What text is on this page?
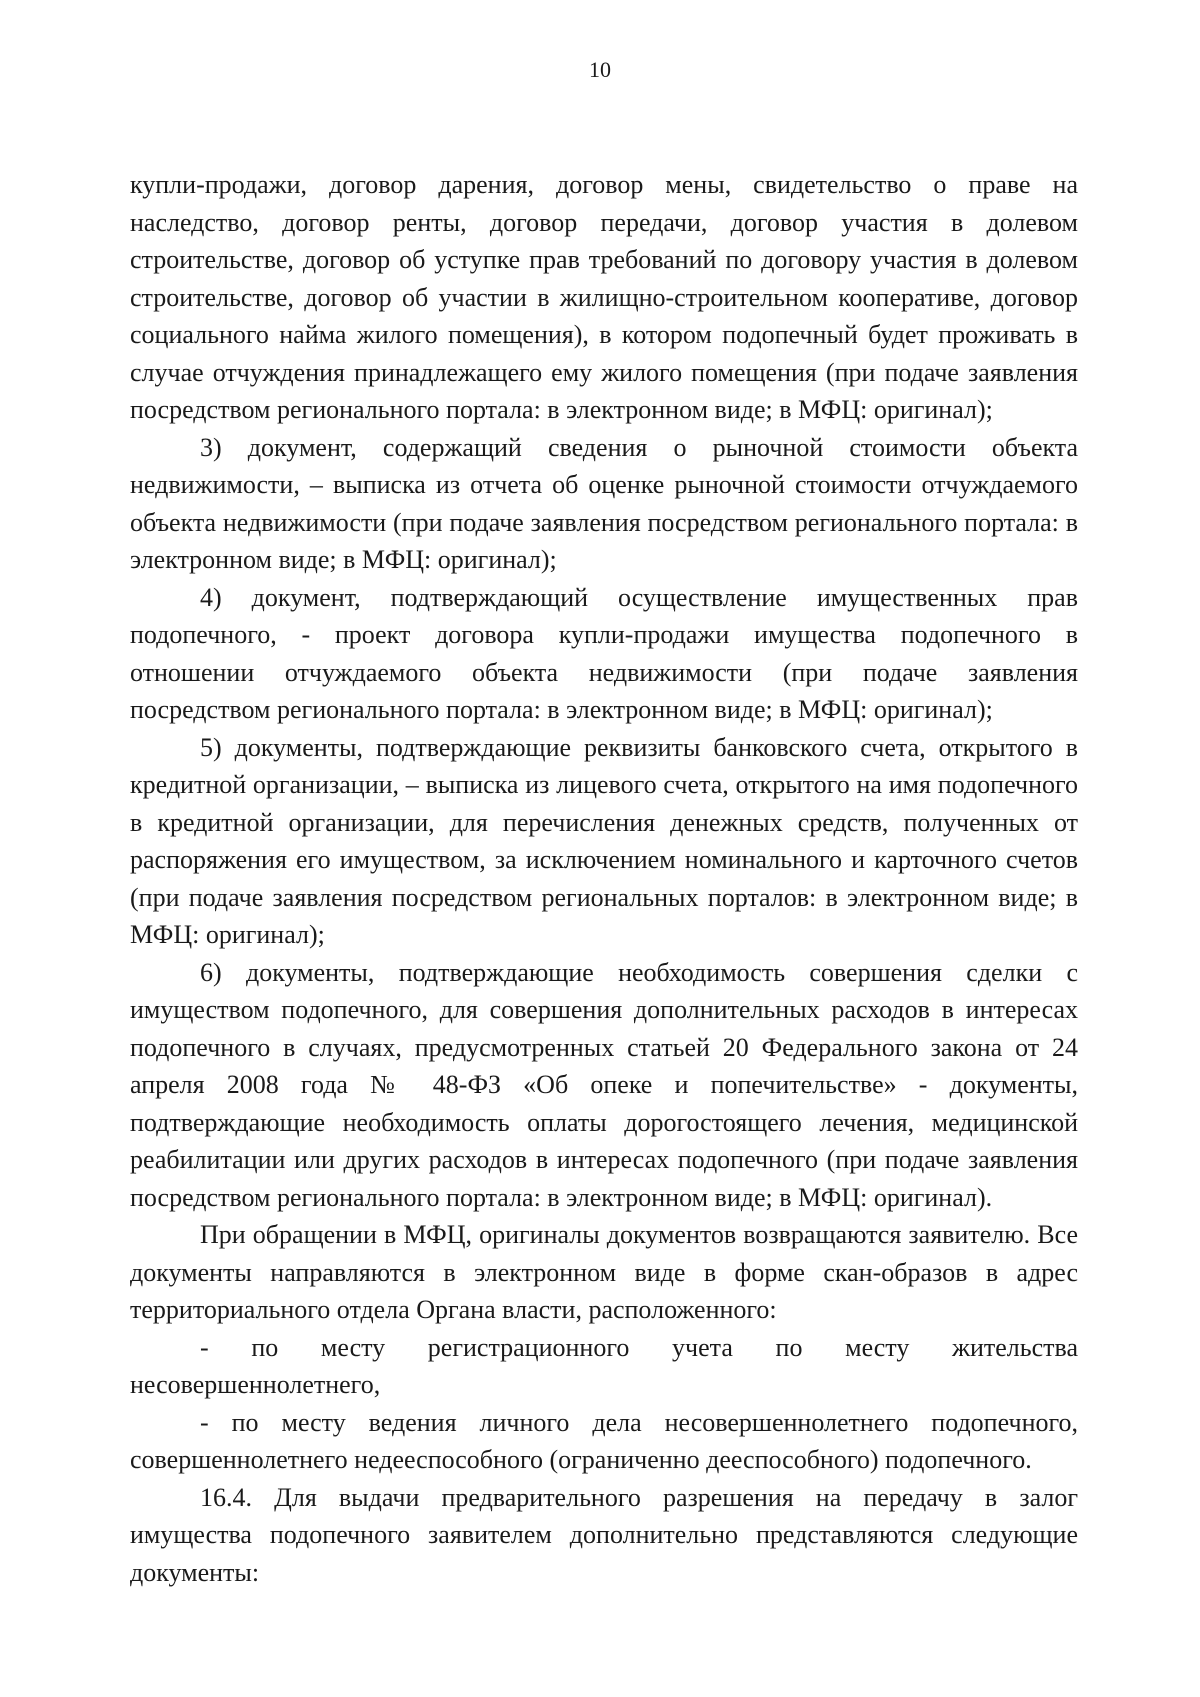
10

купли-продажи, договор дарения, договор мены, свидетельство о праве на наследство, договор ренты, договор передачи, договор участия в долевом строительстве, договор об уступке прав требований по договору участия в долевом строительстве, договор об участии в жилищно-строительном кооперативе, договор социального найма жилого помещения), в котором подопечный будет проживать в случае отчуждения принадлежащего ему жилого помещения (при подаче заявления посредством регионального портала: в электронном виде; в МФЦ: оригинал);

3) документ, содержащий сведения о рыночной стоимости объекта недвижимости, – выписка из отчета об оценке рыночной стоимости отчуждаемого объекта недвижимости (при подаче заявления посредством регионального портала: в электронном виде; в МФЦ: оригинал);

4) документ, подтверждающий осуществление имущественных прав подопечного, - проект договора купли-продажи имущества подопечного в отношении отчуждаемого объекта недвижимости (при подаче заявления посредством регионального портала: в электронном виде; в МФЦ: оригинал);

5) документы, подтверждающие реквизиты банковского счета, открытого в кредитной организации, – выписка из лицевого счета, открытого на имя подопечного в кредитной организации, для перечисления денежных средств, полученных от распоряжения его имуществом, за исключением номинального и карточного счетов (при подаче заявления посредством региональных порталов: в электронном виде; в МФЦ: оригинал);

6) документы, подтверждающие необходимость совершения сделки с имуществом подопечного, для совершения дополнительных расходов в интересах подопечного в случаях, предусмотренных статьей 20 Федерального закона от 24 апреля 2008 года № 48-ФЗ «Об опеке и попечительстве» - документы, подтверждающие необходимость оплаты дорогостоящего лечения, медицинской реабилитации или других расходов в интересах подопечного (при подаче заявления посредством регионального портала: в электронном виде; в МФЦ: оригинал).

При обращении в МФЦ, оригиналы документов возвращаются заявителю. Все документы направляются в электронном виде в форме скан-образов в адрес территориального отдела Органа власти, расположенного:

- по месту регистрационного учета по месту жительства несовершеннолетнего,

- по месту ведения личного дела несовершеннолетнего подопечного, совершеннолетнего недееспособного (ограниченно дееспособного) подопечного.

16.4. Для выдачи предварительного разрешения на передачу в залог имущества подопечного заявителем дополнительно представляются следующие документы:
